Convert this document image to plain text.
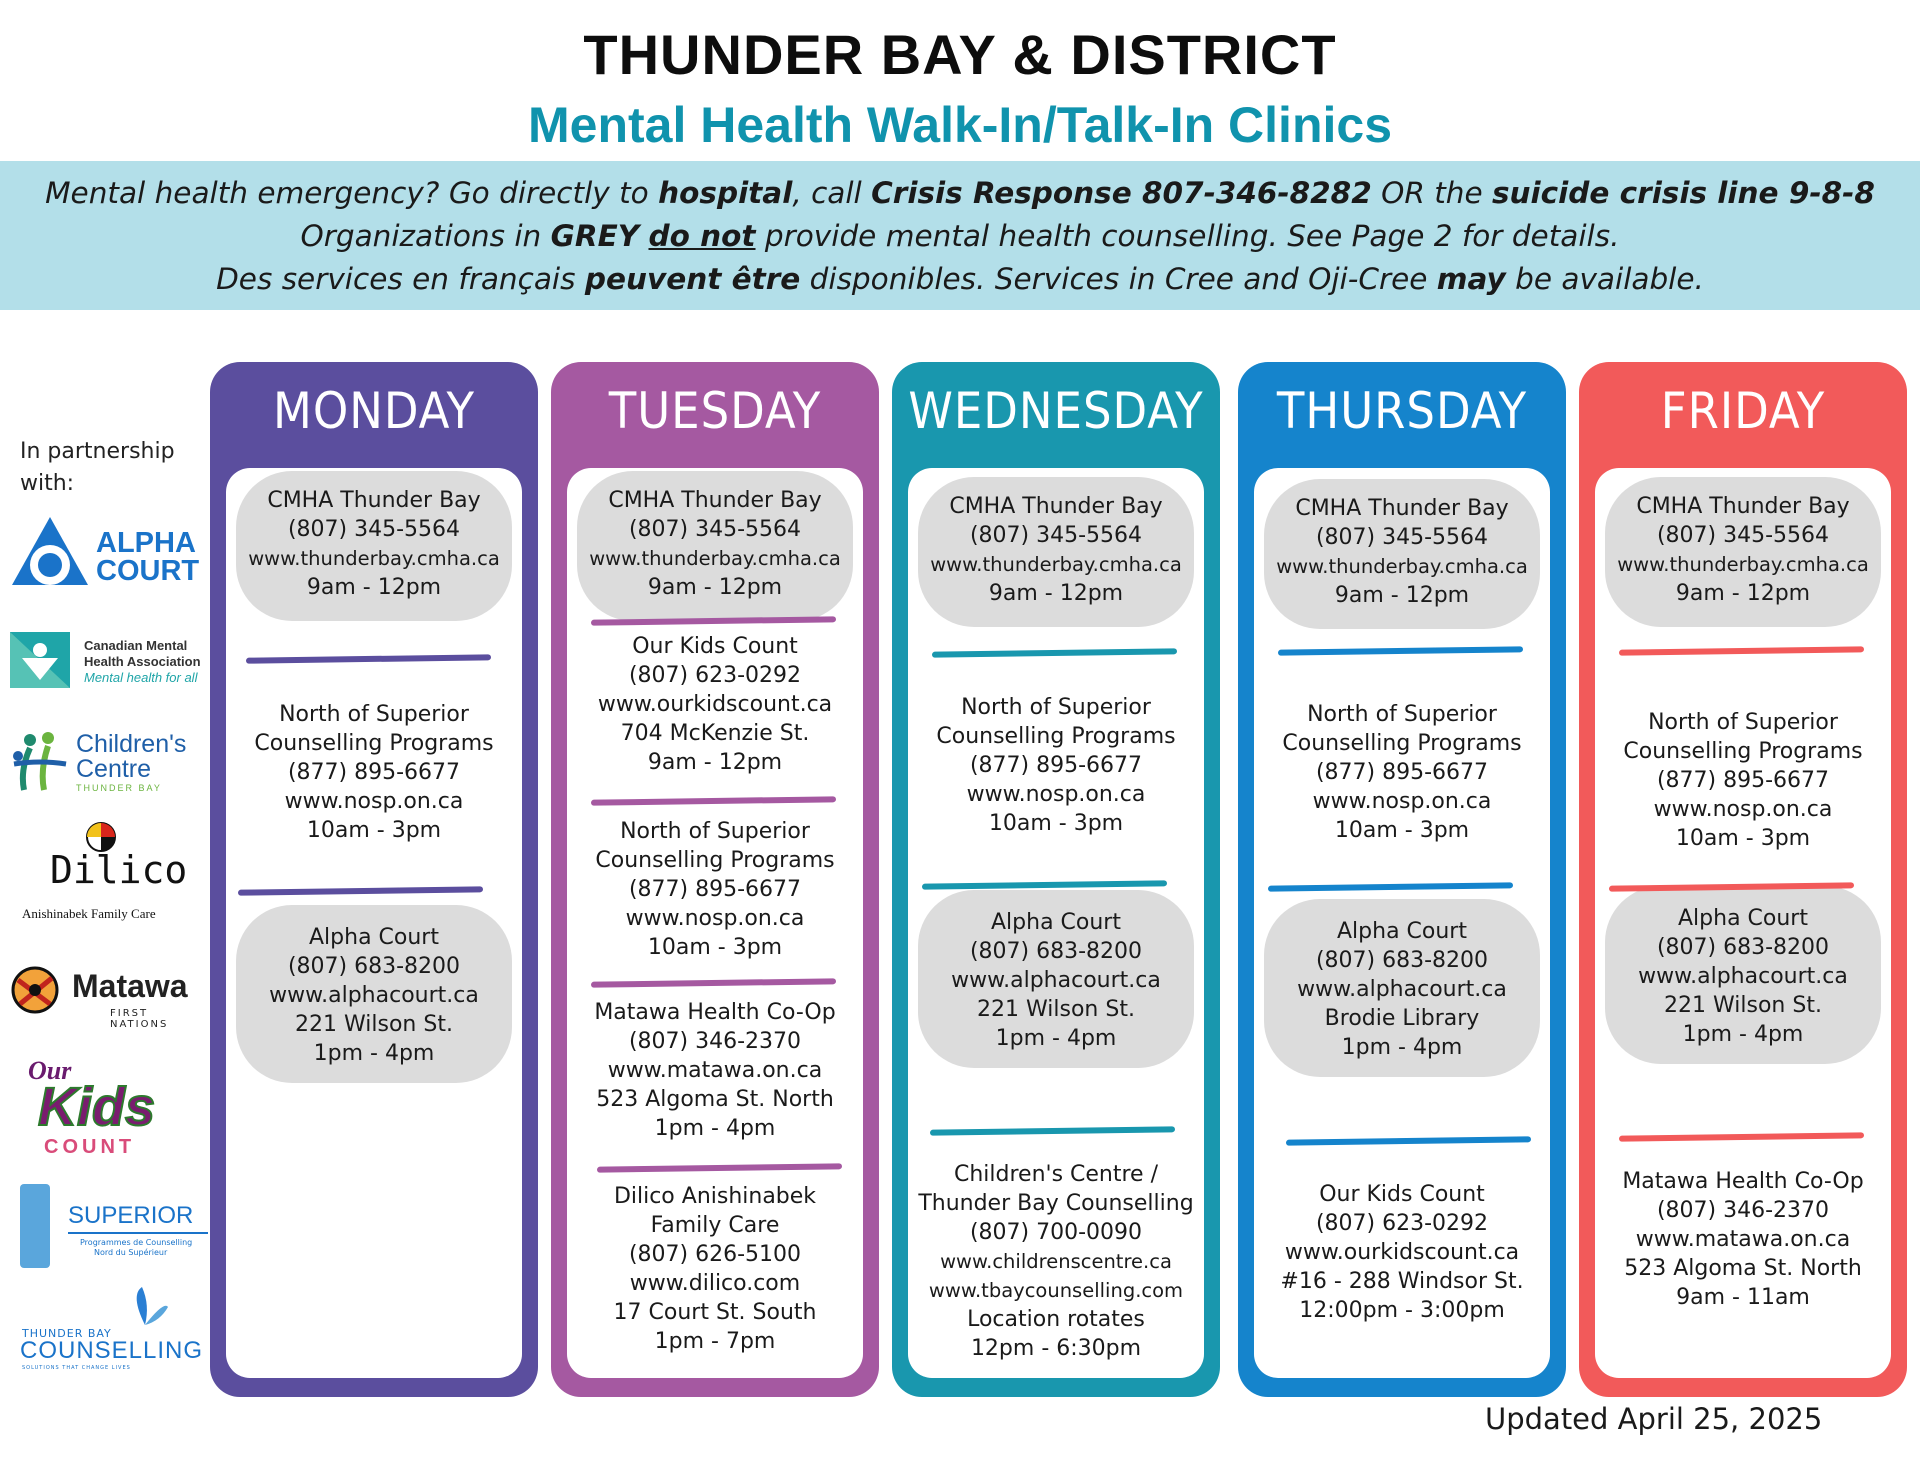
THUNDER BAY & DISTRICT
Mental Health Walk-In/Talk-In Clinics
Mental health emergency? Go directly to hospital, call Crisis Response 807-346-8282 OR the suicide crisis line 9-8-8
Organizations in GREY do not provide mental health counselling. See Page 2 for details.
Des services en français peuvent être disponibles. Services in Cree and Oji-Cree may be available.
In partnership with:
ALPHA
COURT
Canadian Mental
Health Association
Mental health for all
Children's
Centre
THUNDER BAY
Dilico
Anishinabek Family Care
Matawa
FIRST NATIONS
Our
Kids
COUNT
SUPERIOR
Programmes de Counselling
Nord du Supérieur
THUNDER BAY
COUNSELLING
SOLUTIONS THAT CHANGE LIVES
MONDAY
CMHA Thunder Bay
(807) 345-5564
www.thunderbay.cmha.ca
9am - 12pm
North of Superior
Counselling Programs
(877) 895-6677
www.nosp.on.ca
10am - 3pm
Alpha Court
(807) 683-8200
www.alphacourt.ca
221 Wilson St.
1pm - 4pm
TUESDAY
CMHA Thunder Bay
(807) 345-5564
www.thunderbay.cmha.ca
9am - 12pm
Our Kids Count
(807) 623-0292
www.ourkidscount.ca
704 McKenzie St.
9am - 12pm
North of Superior
Counselling Programs
(877) 895-6677
www.nosp.on.ca
10am - 3pm
Matawa Health Co-Op
(807) 346-2370
www.matawa.on.ca
523 Algoma St. North
1pm - 4pm
Dilico Anishinabek
Family Care
(807) 626-5100
www.dilico.com
17 Court St. South
1pm - 7pm
WEDNESDAY
CMHA Thunder Bay
(807) 345-5564
www.thunderbay.cmha.ca
9am - 12pm
North of Superior
Counselling Programs
(877) 895-6677
www.nosp.on.ca
10am - 3pm
Alpha Court
(807) 683-8200
www.alphacourt.ca
221 Wilson St.
1pm - 4pm
Children's Centre /
Thunder Bay Counselling
(807) 700-0090
www.childrenscentre.ca
www.tbaycounselling.com
Location rotates
12pm - 6:30pm
THURSDAY
CMHA Thunder Bay
(807) 345-5564
www.thunderbay.cmha.ca
9am - 12pm
North of Superior
Counselling Programs
(877) 895-6677
www.nosp.on.ca
10am - 3pm
Alpha Court
(807) 683-8200
www.alphacourt.ca
Brodie Library
1pm - 4pm
Our Kids Count
(807) 623-0292
www.ourkidscount.ca
#16 - 288 Windsor St.
12:00pm - 3:00pm
FRIDAY
CMHA Thunder Bay
(807) 345-5564
www.thunderbay.cmha.ca
9am - 12pm
North of Superior
Counselling Programs
(877) 895-6677
www.nosp.on.ca
10am - 3pm
Alpha Court
(807) 683-8200
www.alphacourt.ca
221 Wilson St.
1pm - 4pm
Matawa Health Co-Op
(807) 346-2370
www.matawa.on.ca
523 Algoma St. North
9am - 11am
Updated April 25, 2025
